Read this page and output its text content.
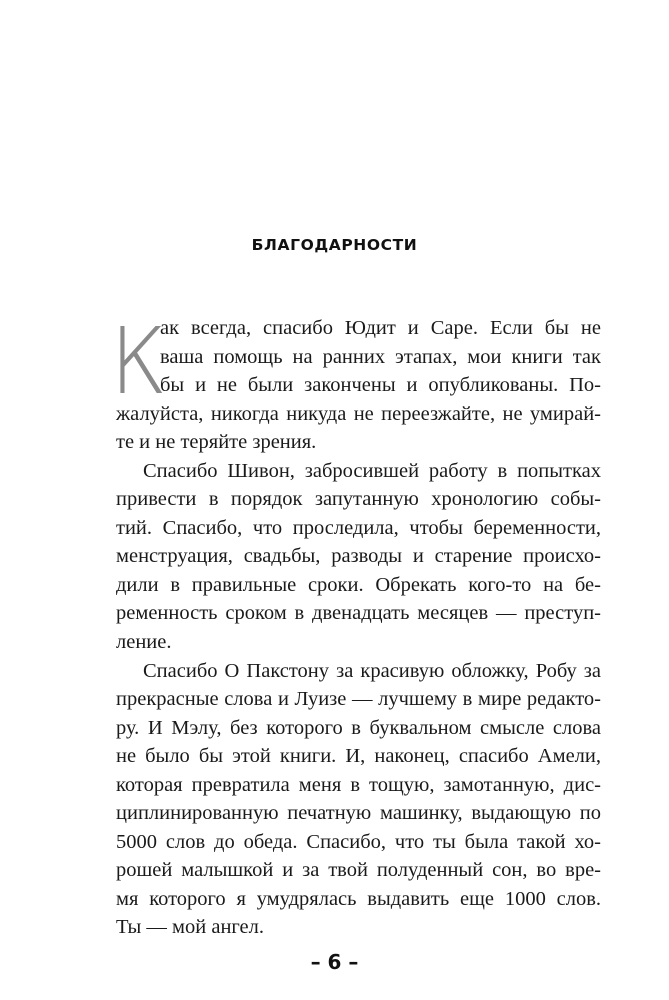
БЛАГОДАРНОСТИ
К
ак всегда, спасибо Юдит и Саре. Если бы не
ваша помощь на ранних этапах, мои книги так
бы и не были закончены и опубликованы. По-
жалуйста, никогда никуда не переезжайте, не умирай-
те и не теряйте зрения.
Спасибо Шивон, забросившей работу в попытках
привести в порядок запутанную хронологию собы-
тий. Спасибо, что проследила, чтобы беременности,
менструация, свадьбы, разводы и старение происхо-
дили в правильные сроки. Обрекать кого-то на бе-
ременность сроком в двенадцать месяцев — преступ-
ление.
Спасибо О Пакстону за красивую обложку, Робу за
прекрасные слова и Луизе — лучшему в мире редакто-
ру. И Мэлу, без которого в буквальном смысле слова
не было бы этой книги. И, наконец, спасибо Амели,
которая превратила меня в тощую, замотанную, дис-
циплинированную печатную машинку, выдающую по
5000 слов до обеда. Спасибо, что ты была такой хо-
рошей малышкой и за твой полуденный сон, во вре-
мя которого я умудрялась выдавить еще 1000 слов.
Ты — мой ангел.
– 6 –
